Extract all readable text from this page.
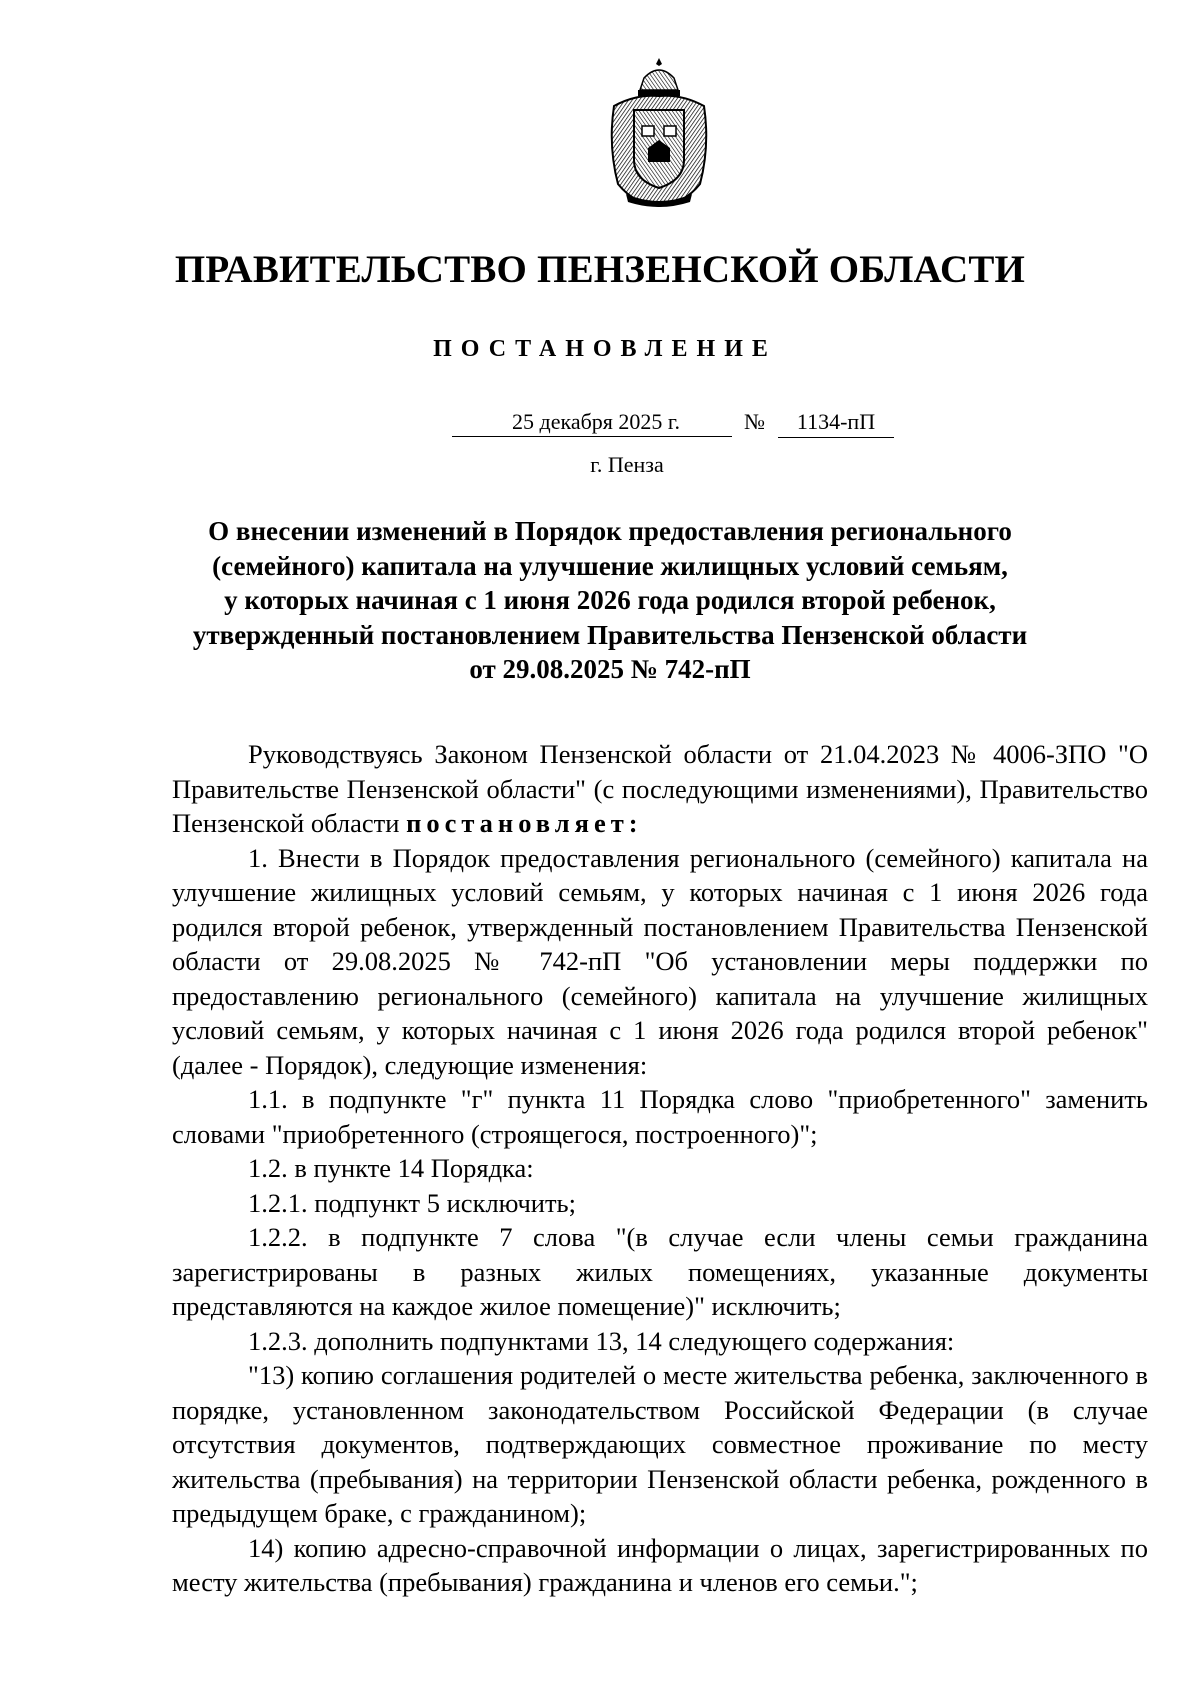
ПРАВИТЕЛЬСТВО ПЕНЗЕНСКОЙ ОБЛАСТИ
ПОСТАНОВЛЕНИЕ
25 декабря 2025 г.	№	1134-пП
г. Пенза
О внесении изменений в Порядок предоставления регионального
(семейного) капитала на улучшение жилищных условий семьям,
у которых начиная с 1 июня 2026 года родился второй ребенок,
утвержденный постановлением Правительства Пензенской области
от 29.08.2025 № 742-пП

Руководствуясь Законом Пензенской области от 21.04.2023 № 4006-ЗПО "О Правительстве Пензенской области" (с последующими изменениями), Правительство Пензенской области постановляет:

1. Внести в Порядок предоставления регионального (семейного) капитала на улучшение жилищных условий семьям, у которых начиная с 1 июня 2026 года родился второй ребенок, утвержденный постановлением Правительства Пензенской области от 29.08.2025 № 742-пП "Об установлении меры поддержки по предоставлению регионального (семейного) капитала на улучшение жилищных условий семьям, у которых начиная с 1 июня 2026 года родился второй ребенок" (далее - Порядок), следующие изменения:

1.1. в подпункте "г" пункта 11 Порядка слово "приобретенного" заменить словами "приобретенного (строящегося, построенного)";

1.2. в пункте 14 Порядка:

1.2.1. подпункт 5 исключить;

1.2.2. в подпункте 7 слова "(в случае если члены семьи гражданина зарегистрированы в разных жилых помещениях, указанные документы представляются на каждое жилое помещение)" исключить;

1.2.3. дополнить подпунктами 13, 14 следующего содержания:

"13) копию соглашения родителей о месте жительства ребенка, заключенного в порядке, установленном законодательством Российской Федерации (в случае отсутствия документов, подтверждающих совместное проживание по месту жительства (пребывания) на территории Пензенской области ребенка, рожденного в предыдущем браке, с гражданином);

14) копию адресно-справочной информации о лицах, зарегистрированных по месту жительства (пребывания) гражданина и членов его семьи.";
